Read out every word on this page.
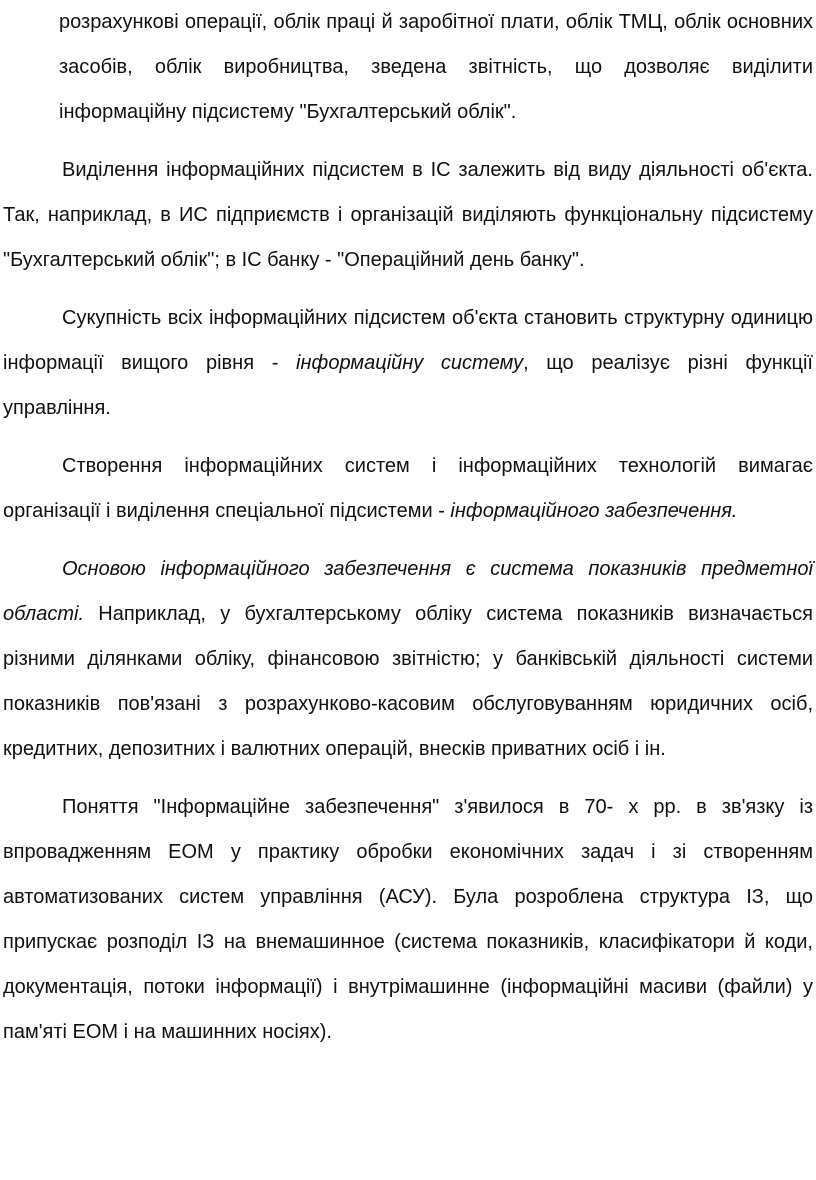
розрахункові операції, облік праці й заробітної плати, облік ТМЦ, облік основних засобів, облік виробництва, зведена звітність, що дозволяє виділити інформаційну підсистему "Бухгалтерський облік".

Виділення інформаційних підсистем в ІС залежить від виду діяльності об'єкта. Так, наприклад, в ИС підприємств і організацій виділяють функціональну підсистему "Бухгалтерський облік"; в ІС банку - "Операційний день банку".

Сукупність всіх інформаційних підсистем об'єкта становить структурну одиницю інформації вищого рівня - інформаційну систему, що реалізує різні функції управління.

Створення інформаційних систем і інформаційних технологій вимагає організації і виділення спеціальної підсистеми - інформаційного забезпечення.

Основою інформаційного забезпечення є система показників предметної області. Наприклад, у бухгалтерському обліку система показників визначається різними ділянками обліку, фінансовою звітністю; у банківській діяльності системи показників пов'язані з розрахунково-касовим обслуговуванням юридичних осіб, кредитних, депозитних і валютних операцій, внесків приватних осіб і ін.

Поняття "Інформаційне забезпечення" з'явилося в 70- х рр. в зв'язку із впровадженням ЕОМ у практику обробки економічних задач і зі створенням автоматизованих систем управління (АСУ). Була розроблена структура ІЗ, що припускає розподіл ІЗ на внемашинное (система показників, класифікатори й коди, документація, потоки інформації) і внутрімашинне (інформаційні масиви (файли) у пам'яті ЕОМ і на машинних носіях).
